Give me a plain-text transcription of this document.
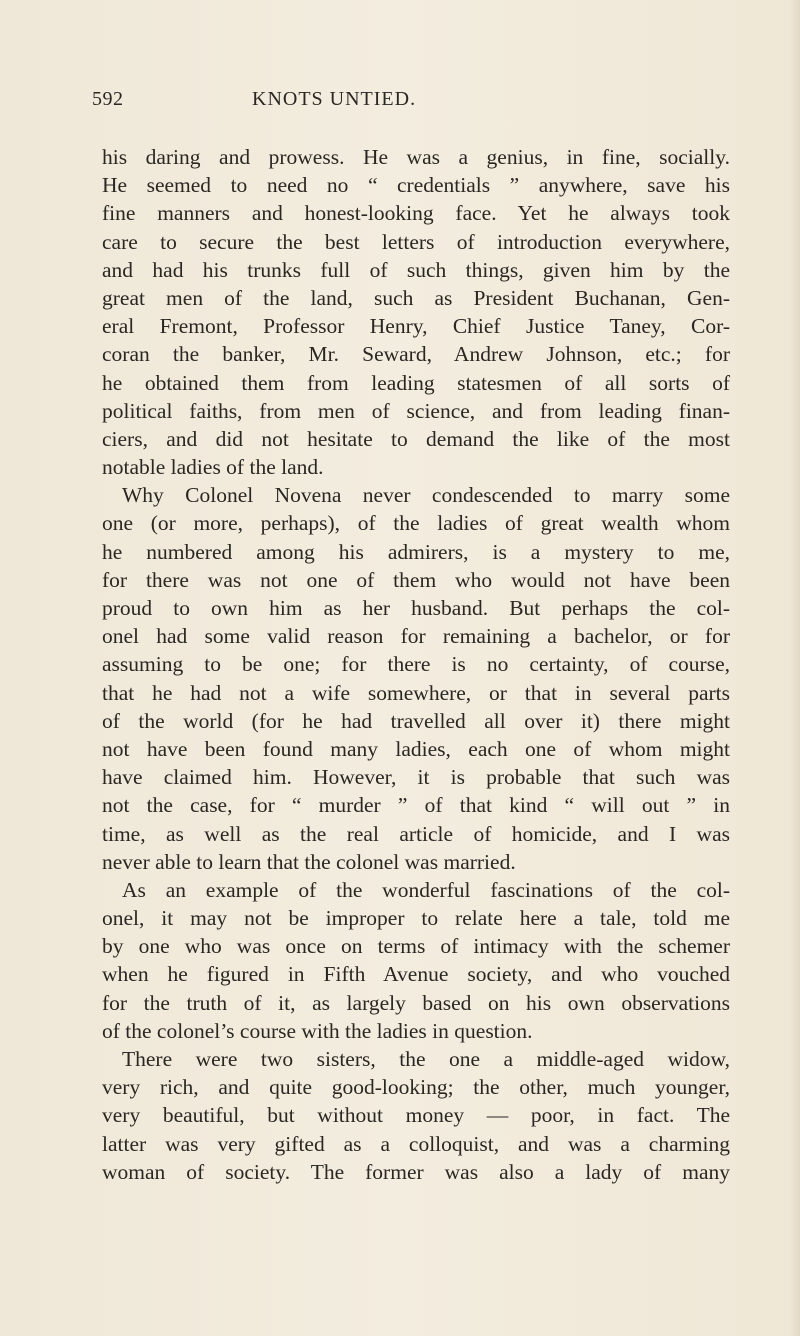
592	KNOTS UNTIED.
his daring and prowess. He was a genius, in fine, socially.
He seemed to need no “ credentials ” anywhere, save his
fine manners and honest-looking face. Yet he always took
care to secure the best letters of introduction everywhere,
and had his trunks full of such things, given him by the
great men of the land, such as President Buchanan, Gen-
eral Fremont, Professor Henry, Chief Justice Taney, Cor-
coran the banker, Mr. Seward, Andrew Johnson, etc.; for
he obtained them from leading statesmen of all sorts of
political faiths, from men of science, and from leading finan-
ciers, and did not hesitate to demand the like of the most
notable ladies of the land.
Why Colonel Novena never condescended to marry some
one (or more, perhaps), of the ladies of great wealth whom
he numbered among his admirers, is a mystery to me,
for there was not one of them who would not have been
proud to own him as her husband. But perhaps the col-
onel had some valid reason for remaining a bachelor, or for
assuming to be one; for there is no certainty, of course,
that he had not a wife somewhere, or that in several parts
of the world (for he had travelled all over it) there might
not have been found many ladies, each one of whom might
have claimed him. However, it is probable that such was
not the case, for “ murder ” of that kind “ will out ” in
time, as well as the real article of homicide, and I was
never able to learn that the colonel was married.
As an example of the wonderful fascinations of the col-
onel, it may not be improper to relate here a tale, told me
by one who was once on terms of intimacy with the schemer
when he figured in Fifth Avenue society, and who vouched
for the truth of it, as largely based on his own observations
of the colonel’s course with the ladies in question.
There were two sisters, the one a middle-aged widow,
very rich, and quite good-looking; the other, much younger,
very beautiful, but without money — poor, in fact. The
latter was very gifted as a colloquist, and was a charming
woman of society. The former was also a lady of many
